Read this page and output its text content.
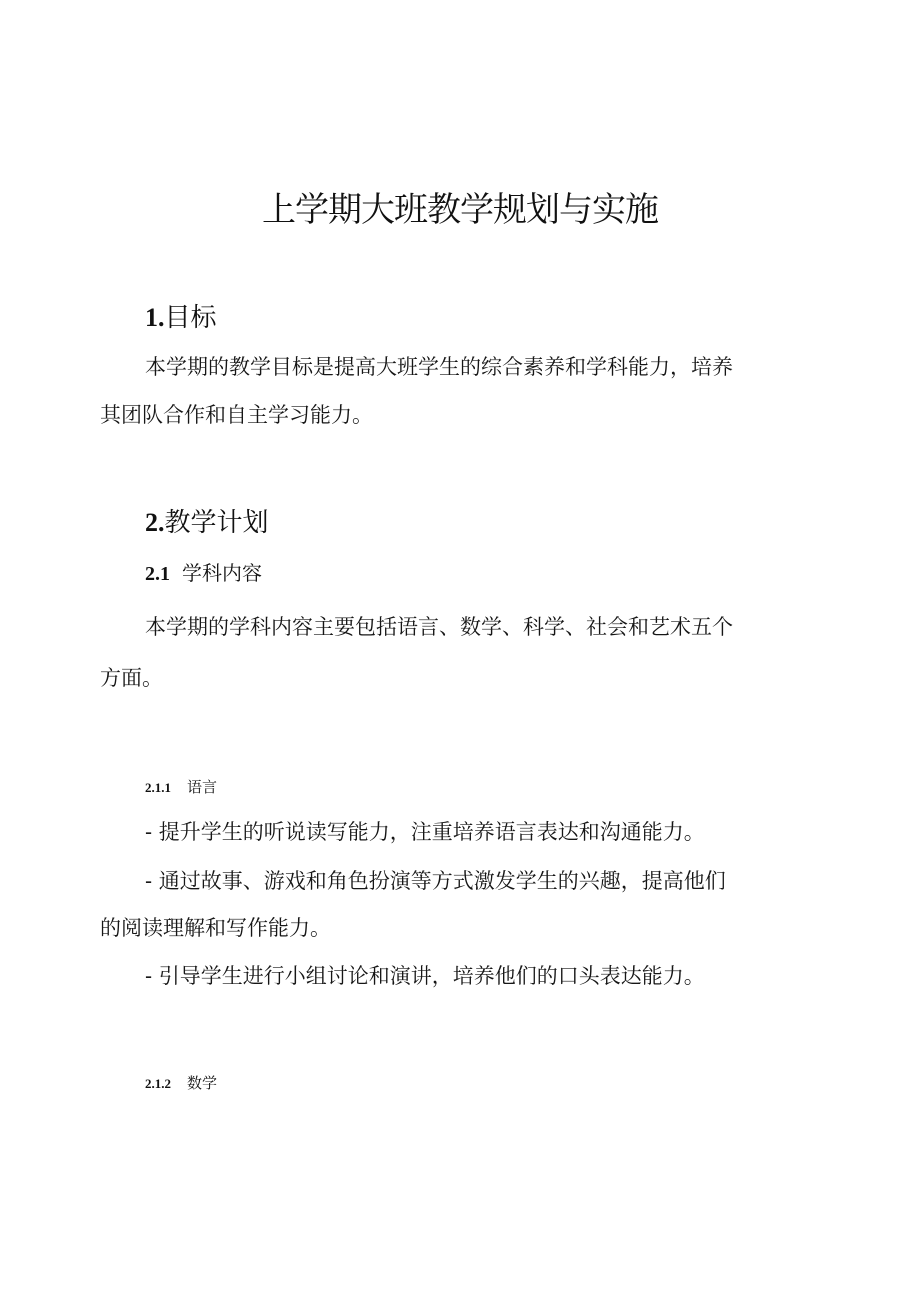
上学期大班教学规划与实施
1.目标
本学期的教学目标是提高大班学生的综合素养和学科能力，培养
其团队合作和自主学习能力。
2.教学计划
2.1 学科内容
本学期的学科内容主要包括语言、数学、科学、社会和艺术五个
方面。
2.1.1 语言
- 提升学生的听说读写能力，注重培养语言表达和沟通能力。
- 通过故事、游戏和角色扮演等方式激发学生的兴趣，提高他们
的阅读理解和写作能力。
- 引导学生进行小组讨论和演讲，培养他们的口头表达能力。
2.1.2 数学
